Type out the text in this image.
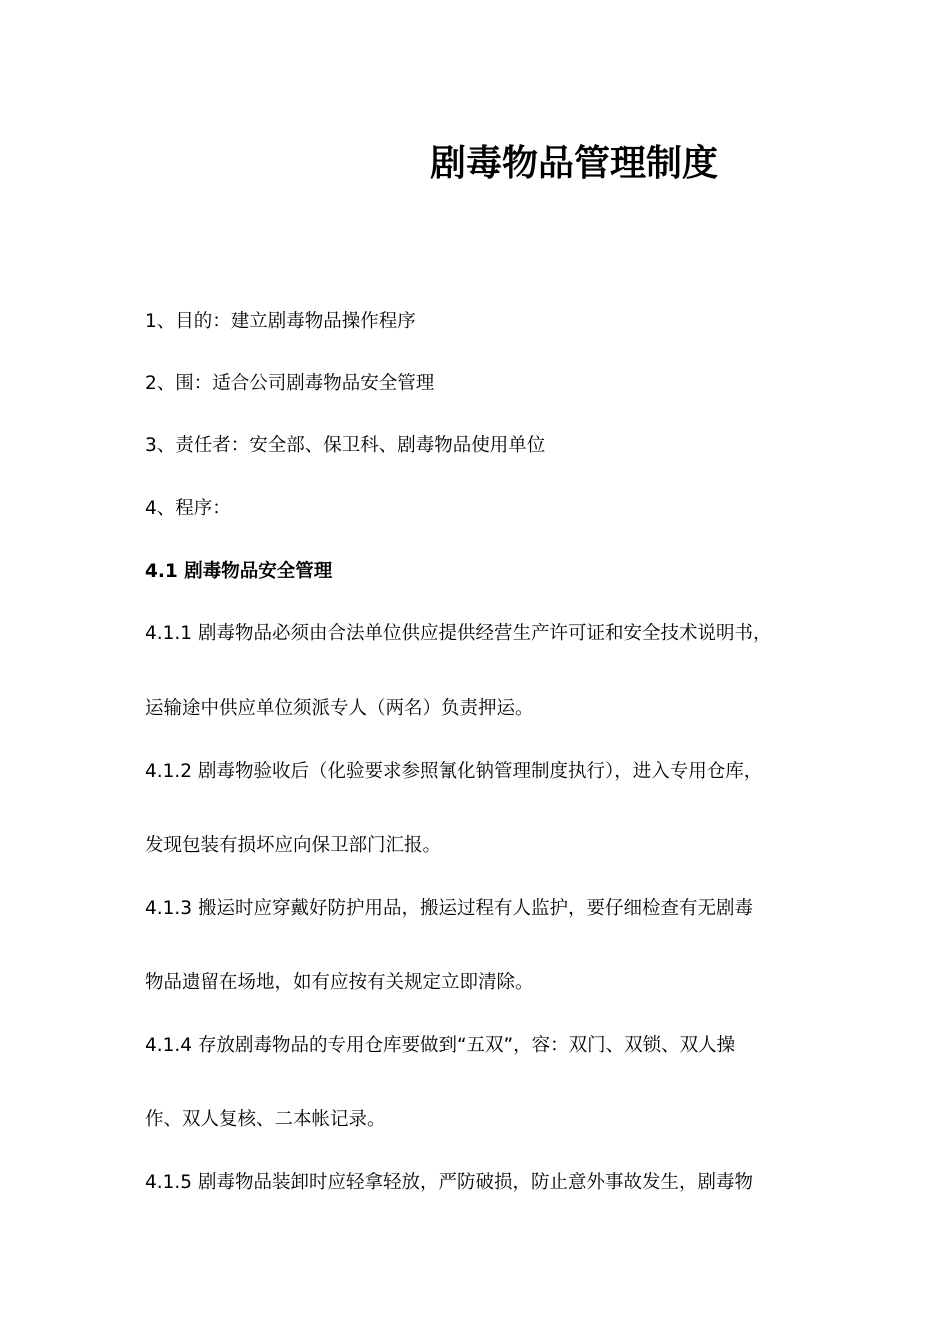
剧毒物品管理制度
1、目的：建立剧毒物品操作程序
2、围：适合公司剧毒物品安全管理
3、责任者：安全部、保卫科、剧毒物品使用单位
4、程序：
4.1 剧毒物品安全管理
4.1.1 剧毒物品必须由合法单位供应提供经营生产许可证和安全技术说明书，
运输途中供应单位须派专人（两名）负责押运。
4.1.2 剧毒物验收后（化验要求参照氰化钠管理制度执行），进入专用仓库，
发现包装有损坏应向保卫部门汇报。
4.1.3 搬运时应穿戴好防护用品，搬运过程有人监护，要仔细检查有无剧毒
物品遗留在场地，如有应按有关规定立即清除。
4.1.4 存放剧毒物品的专用仓库要做到“五双”，容：双门、双锁、双人操
作、双人复核、二本帐记录。
4.1.5 剧毒物品装卸时应轻拿轻放，严防破损，防止意外事故发生，剧毒物
